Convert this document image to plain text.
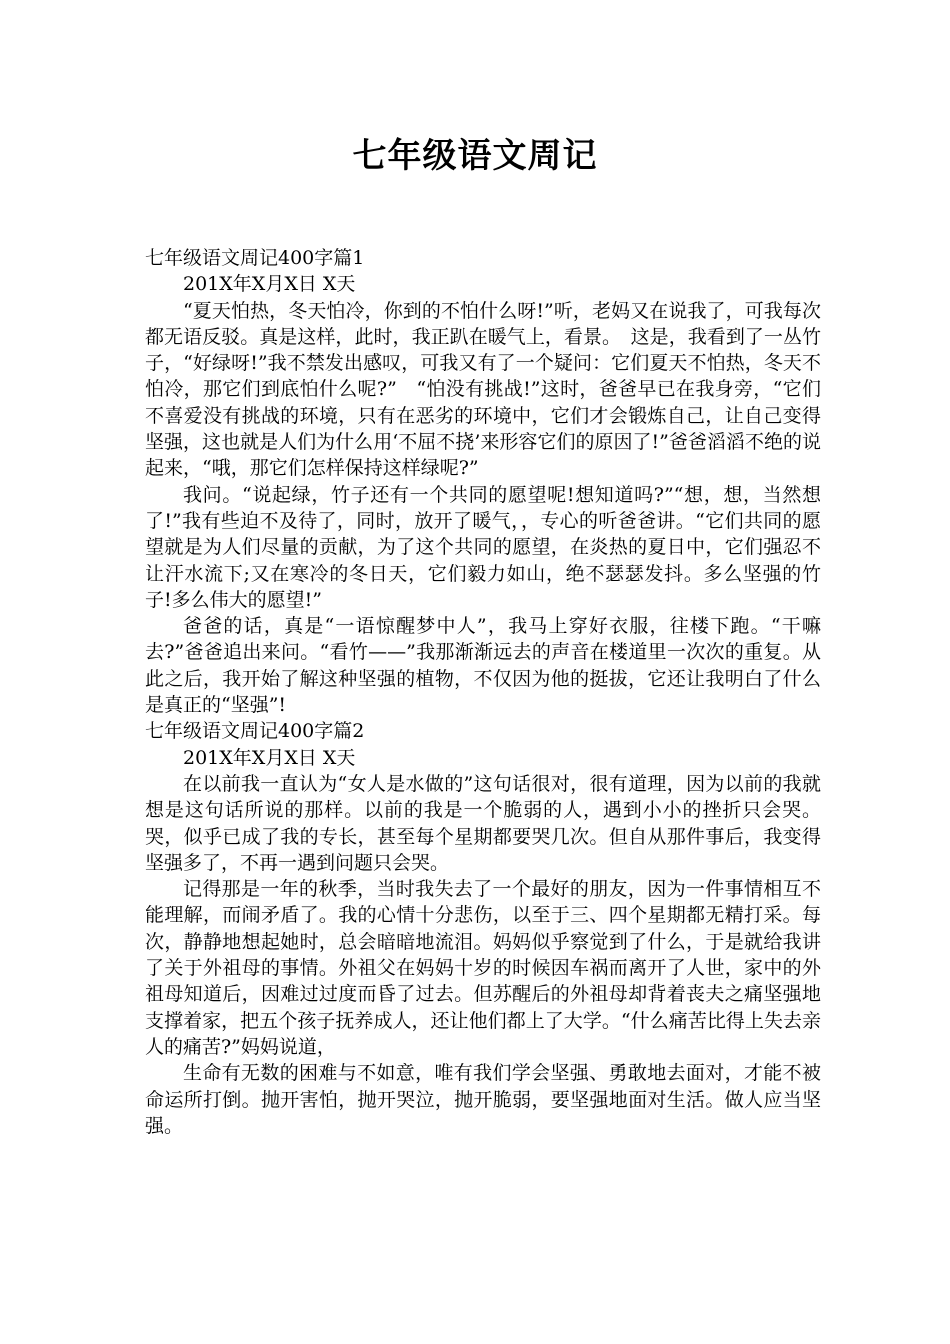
七年级语文周记

七年级语文周记400字篇1

201X年X月X日 X天

“夏天怕热，冬天怕冷，你到的不怕什么呀!”听，老妈又在说我了，可我每次都无语反驳。真是这样，此时，我正趴在暖气上，看景。　这是，我看到了一丛竹子，“好绿呀!”我不禁发出感叹，可我又有了一个疑问：它们夏天不怕热，冬天不怕冷，那它们到底怕什么呢?”　“怕没有挑战!”这时，爸爸早已在我身旁，“它们不喜爱没有挑战的环境，只有在恶劣的环境中，它们才会锻炼自己，让自己变得坚强，这也就是人们为什么用‘不屈不挠’来形容它们的原因了!”爸爸滔滔不绝的说起来，“哦，那它们怎样保持这样绿呢?”

我问。“说起绿，竹子还有一个共同的愿望呢!想知道吗?”“想，想，当然想了!”我有些迫不及待了，同时，放开了暖气，，专心的听爸爸讲。“它们共同的愿望就是为人们尽量的贡献，为了这个共同的愿望，在炎热的夏日中，它们强忍不让汗水流下;又在寒冷的冬日天，它们毅力如山，绝不瑟瑟发抖。多么坚强的竹子!多么伟大的愿望!”

爸爸的话，真是“一语惊醒梦中人”，我马上穿好衣服，往楼下跑。“干嘛去?”爸爸追出来问。“看竹——”我那渐渐远去的声音在楼道里一次次的重复。从此之后，我开始了解这种坚强的植物，不仅因为他的挺拔，它还让我明白了什么是真正的“坚强”!

七年级语文周记400字篇2

201X年X月X日 X天

在以前我一直认为“女人是水做的”这句话很对，很有道理，因为以前的我就想是这句话所说的那样。以前的我是一个脆弱的人，遇到小小的挫折只会哭。哭，似乎已成了我的专长，甚至每个星期都要哭几次。但自从那件事后，我变得坚强多了，不再一遇到问题只会哭。

记得那是一年的秋季，当时我失去了一个最好的朋友，因为一件事情相互不能理解，而闹矛盾了。我的心情十分悲伤，以至于三、四个星期都无精打采。每次，静静地想起她时，总会暗暗地流泪。妈妈似乎察觉到了什么，于是就给我讲了关于外祖母的事情。外祖父在妈妈十岁的时候因车祸而离开了人世，家中的外祖母知道后，因难过过度而昏了过去。但苏醒后的外祖母却背着丧夫之痛坚强地支撑着家，把五个孩子抚养成人，还让他们都上了大学。“什么痛苦比得上失去亲人的痛苦?”妈妈说道，

生命有无数的困难与不如意，唯有我们学会坚强、勇敢地去面对，才能不被命运所打倒。抛开害怕，抛开哭泣，抛开脆弱，要坚强地面对生活。做人应当坚强。
